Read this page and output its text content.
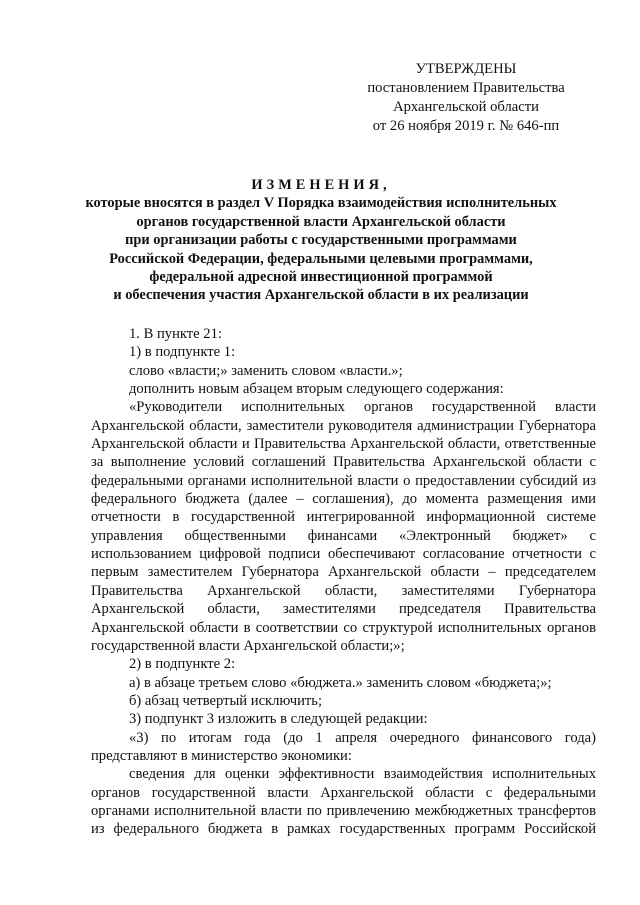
УТВЕРЖДЕНЫ
постановлением Правительства
Архангельской области
от 26 ноября 2019 г. № 646-пп
ИЗМЕНЕНИЯ,
которые вносятся в раздел V Порядка взаимодействия исполнительных
органов государственной власти Архангельской области
при организации работы с государственными программами
Российской Федерации, федеральными целевыми программами,
федеральной адресной инвестиционной программой
и обеспечения участия Архангельской области в их реализации

1. В пункте 21:

1) в подпункте 1:

слово «власти;» заменить словом «власти.»;

дополнить новым абзацем вторым следующего содержания:

«Руководители исполнительных органов государственной власти Архангельской области, заместители руководителя администрации Губернатора Архангельской области и Правительства Архангельской области, ответственные за выполнение условий соглашений Правительства Архангельской области с федеральными органами исполнительной власти о предоставлении субсидий из федерального бюджета (далее – соглашения), до момента размещения ими отчетности в государственной интегрированной информационной системе управления общественными финансами «Электронный бюджет» с использованием цифровой подписи обеспечивают согласование отчетности с первым заместителем Губернатора Архангельской области – председателем Правительства Архангельской области, заместителями Губернатора Архангельской области, заместителями председателя Правительства Архангельской области в соответствии со структурой исполнительных органов государственной власти Архангельской области;»;

2) в подпункте 2:

а) в абзаце третьем слово «бюджета.» заменить словом «бюджета;»;

б) абзац четвертый исключить;

3) подпункт 3 изложить в следующей редакции:

«3) по итогам года (до 1 апреля очередного финансового года) представляют в министерство экономики:

сведения для оценки эффективности взаимодействия исполнительных органов государственной власти Архангельской области с федеральными органами исполнительной власти по привлечению межбюджетных трансфертов из федерального бюджета в рамках государственных программ Российской
